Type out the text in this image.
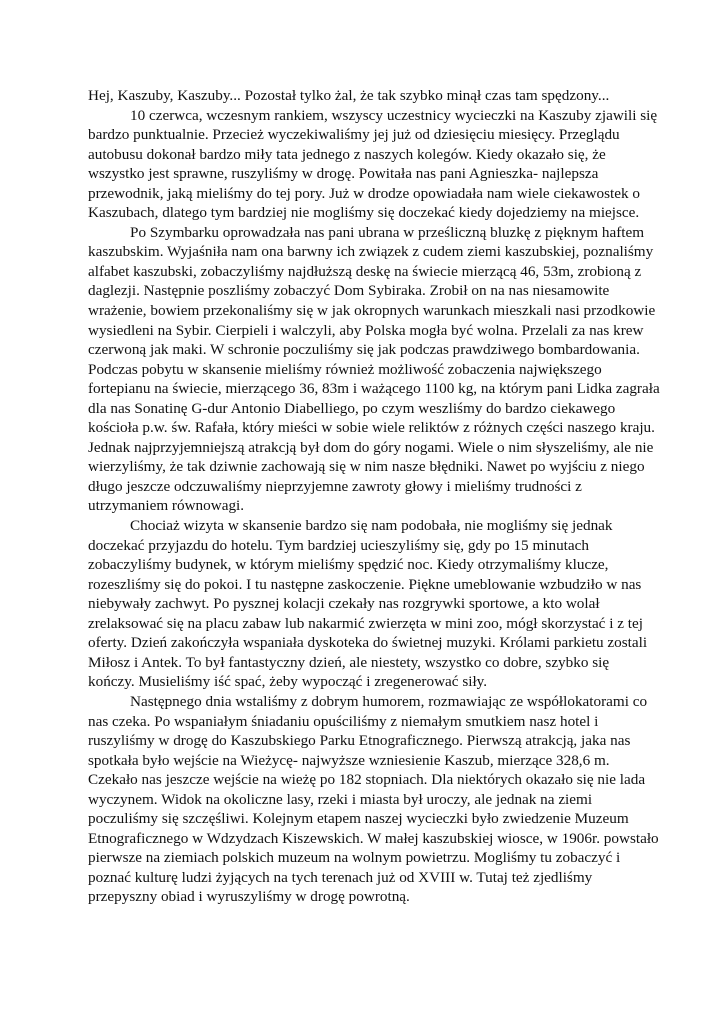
Hej, Kaszuby, Kaszuby... Pozostał tylko żal, że tak szybko minął czas tam spędzony...

10 czerwca, wczesnym rankiem, wszyscy uczestnicy wycieczki na Kaszuby zjawili się
bardzo punktualnie. Przecież wyczekiwaliśmy jej już od dziesięciu miesięcy. Przeglądu
autobusu dokonał bardzo miły tata jednego z naszych kolegów. Kiedy okazało się, że
wszystko jest sprawne, ruszyliśmy w drogę. Powitała nas pani Agnieszka- najlepsza
przewodnik, jaką mieliśmy do tej pory. Już w drodze opowiadała nam wiele ciekawostek o
Kaszubach, dlatego tym bardziej nie mogliśmy się doczekać kiedy dojedziemy na miejsce.

Po Szymbarku oprowadzała nas pani ubrana w prześliczną bluzkę z pięknym haftem
kaszubskim. Wyjaśniła nam ona barwny ich związek z cudem ziemi kaszubskiej, poznaliśmy
alfabet kaszubski, zobaczyliśmy najdłuższą deskę na świecie mierzącą 46, 53m, zrobioną z
daglezji. Następnie poszliśmy zobaczyć Dom Sybiraka. Zrobił on na nas niesamowite
wrażenie, bowiem przekonaliśmy się w jak okropnych warunkach mieszkali nasi przodkowie
wysiedleni na Sybir. Cierpieli i walczyli, aby Polska mogła być wolna. Przelali za nas krew
czerwoną jak maki. W schronie poczuliśmy się jak podczas prawdziwego bombardowania.
Podczas pobytu w skansenie mieliśmy również możliwość zobaczenia największego
fortepianu na świecie, mierzącego 36, 83m i ważącego 1100 kg, na którym pani Lidka zagrała
dla nas Sonatinę G-dur Antonio Diabelliego, po czym weszliśmy do bardzo ciekawego
kościoła p.w. św. Rafała, który mieści w sobie wiele reliktów z różnych części naszego kraju.
Jednak najprzyjemniejszą atrakcją był dom do góry nogami. Wiele o nim słyszeliśmy, ale nie
wierzyliśmy, że tak dziwnie zachowają się w nim nasze błędniki. Nawet po wyjściu z niego
długo jeszcze odczuwaliśmy nieprzyjemne zawroty głowy i mieliśmy trudności z
utrzymaniem równowagi.

Chociaż wizyta w skansenie bardzo się nam podobała, nie mogliśmy się jednak
doczekać przyjazdu do hotelu. Tym bardziej ucieszyliśmy się, gdy po 15 minutach
zobaczyliśmy budynek, w którym mieliśmy spędzić noc. Kiedy otrzymaliśmy klucze,
rozeszliśmy się do pokoi. I tu następne zaskoczenie. Piękne umeblowanie wzbudziło w nas
niebywały zachwyt. Po pysznej kolacji czekały nas rozgrywki sportowe, a kto wolał
zrelaksować się na placu zabaw lub nakarmić zwierzęta w mini zoo, mógł skorzystać i z tej
oferty. Dzień zakończyła wspaniała dyskoteka do świetnej muzyki. Królami parkietu zostali
Miłosz i Antek. To był fantastyczny dzień, ale niestety, wszystko co dobre, szybko się
kończy. Musieliśmy iść spać, żeby wypocząć i zregenerować siły.

Następnego dnia wstaliśmy z dobrym humorem, rozmawiając ze współlokatorami co
nas czeka. Po wspaniałym śniadaniu opuściliśmy z niemałym smutkiem nasz hotel i
ruszyliśmy w drogę do Kaszubskiego Parku Etnograficznego. Pierwszą atrakcją, jaka nas
spotkała było wejście na Wieżycę- najwyższe wzniesienie Kaszub, mierzące 328,6 m.
Czekało nas jeszcze wejście na wieżę po 182 stopniach. Dla niektórych okazało się nie lada
wyczynem. Widok na okoliczne lasy, rzeki i miasta był uroczy, ale jednak na ziemi
poczuliśmy się szczęśliwi. Kolejnym etapem naszej wycieczki było zwiedzenie Muzeum
Etnograficznego w Wdzydzach Kiszewskich. W małej kaszubskiej wiosce, w 1906r. powstało
pierwsze na ziemiach polskich muzeum na wolnym powietrzu. Mogliśmy tu zobaczyć i
poznać kulturę ludzi żyjących na tych terenach już od XVIII w. Tutaj też zjedliśmy
przepyszny obiad i wyruszyliśmy w drogę powrotną.
